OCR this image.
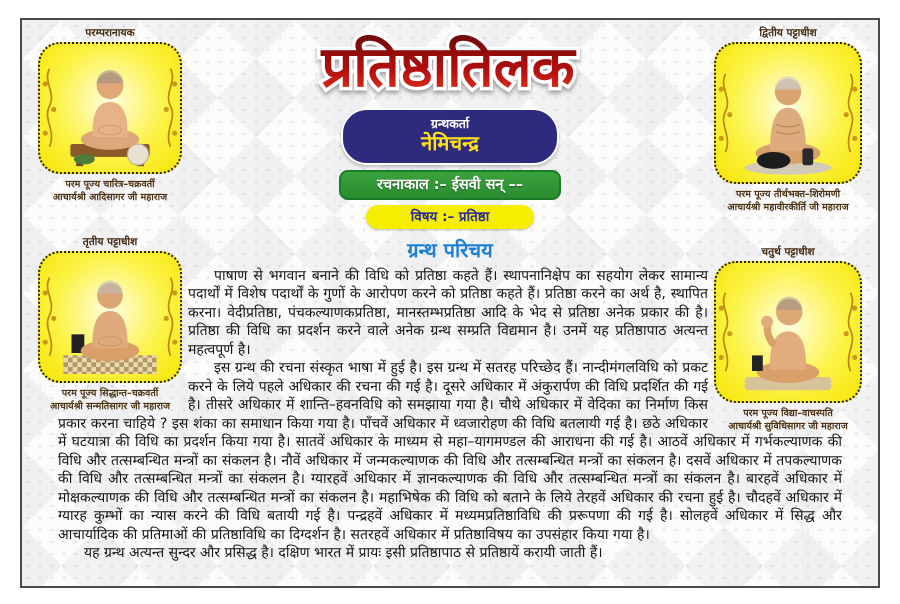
परम्परानायक
परम पूज्य चारित्र–चक्रवर्ती
आचार्यश्री आदिसागर जी महाराज
तृतीय पट्टाधीश
परम पूज्य सिद्धान्त–चक्रवर्ती
आचार्यश्री सन्मतिसागर जी महाराज
द्वितीय पट्टाधीश
परम पूज्य तीर्थभक्त–शिरोमणी
आचार्यश्री महावीरकीर्ति जी महाराज
चतुर्थ पट्टाधीश
परम पूज्य विद्या–वाचस्पति
आचार्यश्री सुविधिसागर जी महाराज
प्रतिष्ठातिलक
ग्रन्थकर्ता
नेमिचन्द्र
रचनाकाल :– ईसवी सन् ––
विषय :– प्रतिष्ठा
ग्रन्थ परिचय

पाषाण से भगवान बनाने की विधि को प्रतिष्ठा कहते हैं। स्थापनानिक्षेप का सहयोग लेकर सामान्य पदार्थों में विशेष पदार्थों के गुणों के आरोपण करने को प्रतिष्ठा कहते हैं। प्रतिष्ठा करने का अर्थ है, स्थापित करना। वेदीप्रतिष्ठा, पंचकल्याणकप्रतिष्ठा, मानस्तम्भप्रतिष्ठा आदि के भेद से प्रतिष्ठा अनेक प्रकार की है। प्रतिष्ठा की विधि का प्रदर्शन करने वाले अनेक ग्रन्थ सम्प्रति विद्यमान है। उनमें यह प्रतिष्ठापाठ अत्यन्त महत्वपूर्ण है।

इस ग्रन्थ की रचना संस्कृत भाषा में हुई है। इस ग्रन्थ में सतरह परिच्छेद हैं। नान्दीमंगलविधि को प्रकट करने के लिये पहले अधिकार की रचना की गई है। दूसरे अधिकार में अंकुरार्पण की विधि प्रदर्शित की गई है। तीसरे अधिकार में शान्ति–हवनविधि को समझाया गया है। चौथे अधिकार में वेदिका का निर्माण किस प्रकार करना चाहिये ? इस शंका का समाधान किया गया है। पाँचवें अधिकार में ध्वजारोहण की विधि बतलायी गई है। छठे अधिकार में घटयात्रा की विधि का प्रदर्शन किया गया है। सातवें अधिकार के माध्यम से महा–यागमण्डल की आराधना की गई है। आठवें अधिकार में गर्भकल्याणक की विधि और तत्सम्बन्धित मन्त्रों का संकलन है। नौवें अधिकार में जन्मकल्याणक की विधि और तत्सम्बन्धित मन्त्रों का संकलन है। दसवें अधिकार में तपकल्याणक की विधि और तत्सम्बन्धित मन्त्रों का संकलन है। ग्यारहवें अधिकार में ज्ञानकल्याणक की विधि और तत्सम्बन्धित मन्त्रों का संकलन है। बारहवें अधिकार में मोक्षकल्याणक की विधि और तत्सम्बन्धित मन्त्रों का संकलन है। महाभिषेक की विधि को बताने के लिये तेरहवें अधिकार की रचना हुई है। चौदहवें अधिकार में ग्यारह कुम्भों का न्यास करने की विधि बतायी गई है। पन्द्रहवें अधिकार में मध्यमप्रतिष्ठाविधि की प्ररूपणा की गई है। सोलहवें अधिकार में सिद्ध और आचार्यादिक की प्रतिमाओं की प्रतिष्ठाविधि का दिग्दर्शन है। सतरहवें अधिकार में प्रतिष्ठाविषय का उपसंहार किया गया है।

यह ग्रन्थ अत्यन्त सुन्दर और प्रसिद्ध है। दक्षिण भारत में प्रायः इसी प्रतिष्ठापाठ से प्रतिष्ठायें करायी जाती हैं।
